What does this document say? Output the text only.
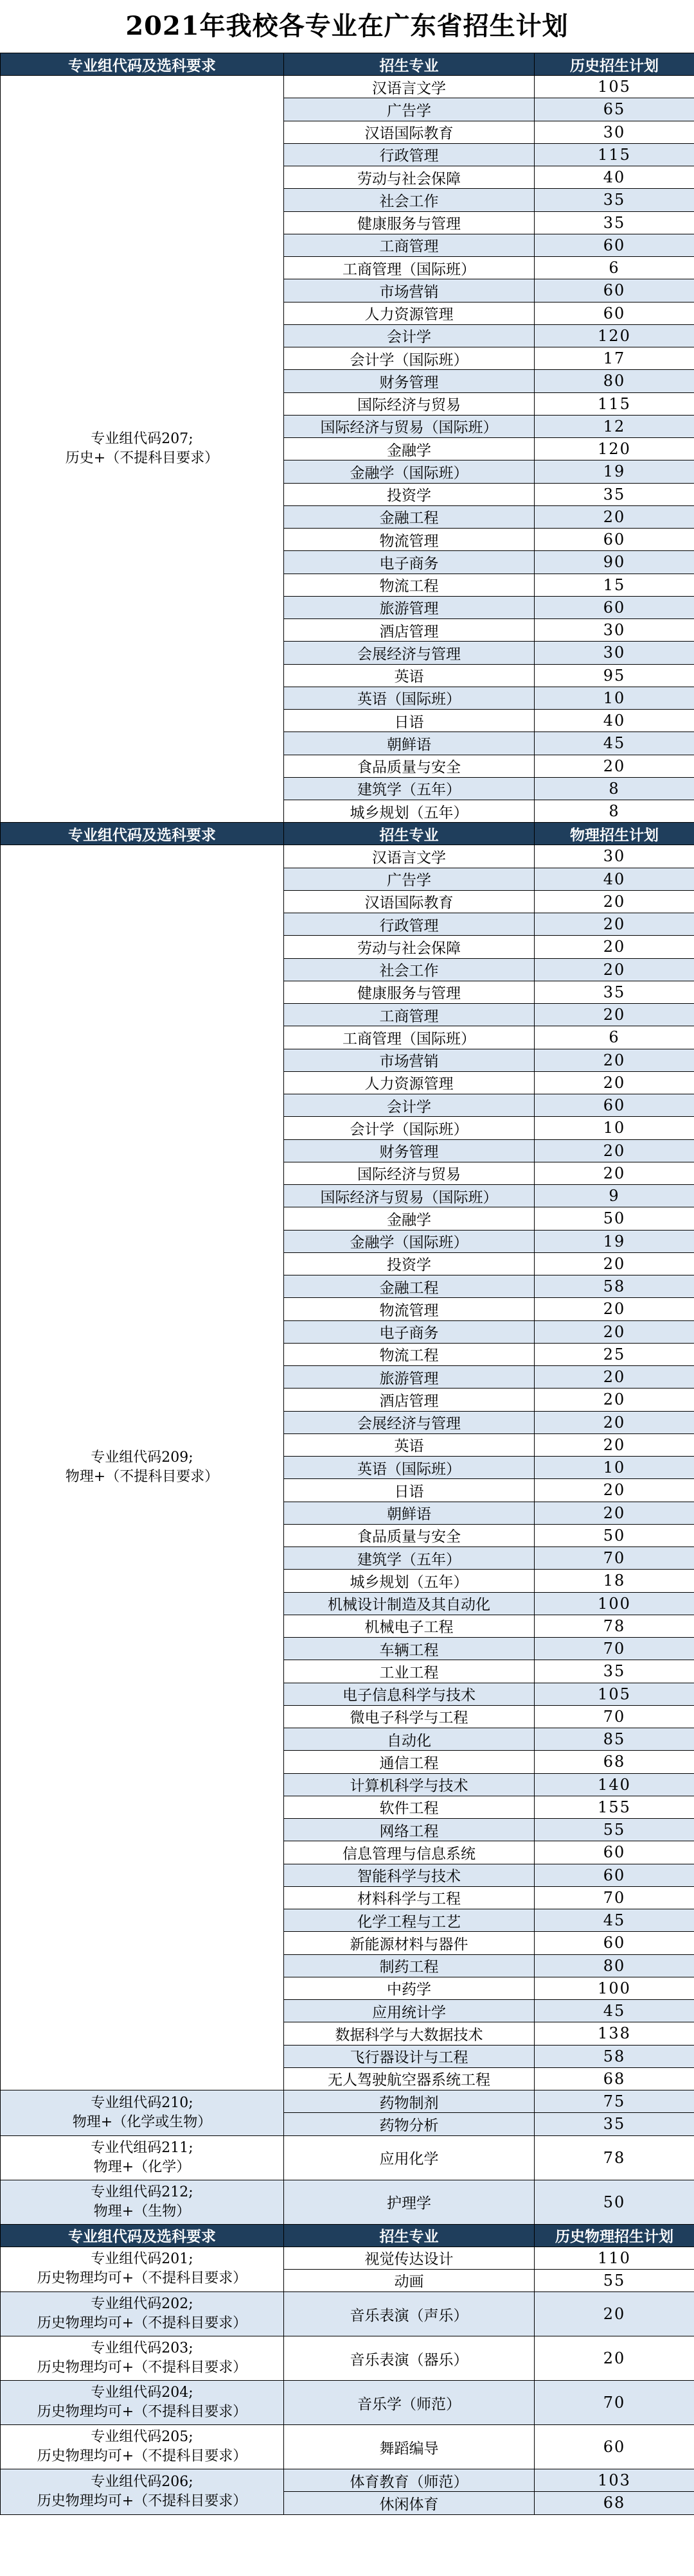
2021年我校各专业在广东省招生计划
专业组代码及选科要求	招生专业	历史招生计划

专业组代码207;
历史+（不提科目要求）	汉语言文学	105
	广告学	65
	汉语国际教育	30
	行政管理	115
	劳动与社会保障	40
	社会工作	35
	健康服务与管理	35
	工商管理	60
	工商管理（国际班）	6
	市场营销	60
	人力资源管理	60
	会计学	120
	会计学（国际班）	17
	财务管理	80
	国际经济与贸易	115
	国际经济与贸易（国际班）	12
	金融学	120
	金融学（国际班）	19
	投资学	35
	金融工程	20
	物流管理	60
	电子商务	90
	物流工程	15
	旅游管理	60
	酒店管理	30
	会展经济与管理	30
	英语	95
	英语（国际班）	10
	日语	40
	朝鲜语	45
	食品质量与安全	20
	建筑学（五年）	8
	城乡规划（五年）	8
专业组代码及选科要求	招生专业	物理招生计划

专业组代码209;
物理+（不提科目要求）	汉语言文学	30
	广告学	40
	汉语国际教育	20
	行政管理	20
	劳动与社会保障	20
	社会工作	20
	健康服务与管理	35
	工商管理	20
	工商管理（国际班）	6
	市场营销	20
	人力资源管理	20
	会计学	60
	会计学（国际班）	10
	财务管理	20
	国际经济与贸易	20
	国际经济与贸易（国际班）	9
	金融学	50
	金融学（国际班）	19
	投资学	20
	金融工程	58
	物流管理	20
	电子商务	20
	物流工程	25
	旅游管理	20
	酒店管理	20
	会展经济与管理	20
	英语	20
	英语（国际班）	10
	日语	20
	朝鲜语	20
	食品质量与安全	50
	建筑学（五年）	70
	城乡规划（五年）	18
	机械设计制造及其自动化	100
	机械电子工程	78
	车辆工程	70
	工业工程	35
	电子信息科学与技术	105
	微电子科学与工程	70
	自动化	85
	通信工程	68
	计算机科学与技术	140
	软件工程	155
	网络工程	55
	信息管理与信息系统	60
	智能科学与技术	60
	材料科学与工程	70
	化学工程与工艺	45
	新能源材料与器件	60
	制药工程	80
	中药学	100
	应用统计学	45
	数据科学与大数据技术	138
	飞行器设计与工程	58
	无人驾驶航空器系统工程	68

专业组代码210;
物理+（化学或生物）	药物制剂	75
	药物分析	35

专业代组码211;
物理+（化学）	应用化学	78

专业组代码212;
物理+（生物）	护理学	50
专业组代码及选科要求	招生专业	历史物理招生计划

专业组代码201;
历史物理均可+（不提科目要求）	视觉传达设计	110
	动画	55

专业组代码202;
历史物理均可+（不提科目要求）	音乐表演（声乐）	20

专业组代码203;
历史物理均可+（不提科目要求）	音乐表演（器乐）	20

专业组代码204;
历史物理均可+（不提科目要求）	音乐学（师范）	70

专业组代码205;
历史物理均可+（不提科目要求）	舞蹈编导	60

专业组代码206;
历史物理均可+（不提科目要求）	体育教育（师范）	103
	休闲体育	68
